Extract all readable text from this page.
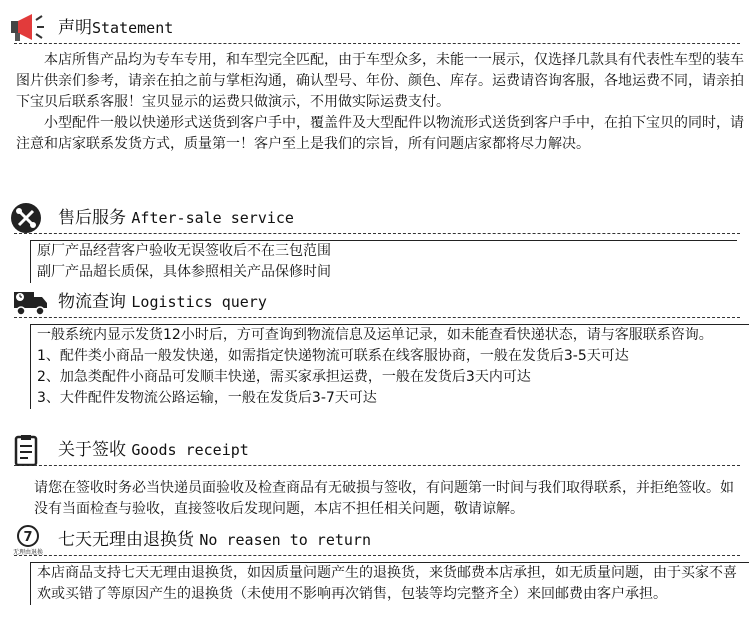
声明Statement

本店所售产品均为专车专用，和车型完全匹配，由于车型众多，未能一一展示，仅选择几款具有代表性车型的装车图片供亲们参考，请亲在拍之前与掌柜沟通，确认型号、年份、颜色、库存。运费请咨询客服，各地运费不同，请亲拍下宝贝后联系客服！宝贝显示的运费只做演示，不用做实际运费支付。

小型配件一般以快递形式送货到客户手中，覆盖件及大型配件以物流形式送货到客户手中，在拍下宝贝的同时，请注意和店家联系发货方式，质量第一！客户至上是我们的宗旨，所有问题店家都将尽力解决。

售后服务 After-sale service

原厂产品经营客户验收无误签收后不在三包范围

副厂产品超长质保，具体参照相关产品保修时间

物流查询 Logistics query

一般系统内显示发货12小时后，方可查询到物流信息及运单记录，如未能查看快递状态，请与客服联系咨询。

1、配件类小商品一般发快递，如需指定快递物流可联系在线客服协商，一般在发货后3-5天可达

2、加急类配件小商品可发顺丰快递，需买家承担运费，一般在发货后3天内可达

3、大件配件发物流公路运输，一般在发货后3-7天可达

关于签收 Goods receipt

请您在签收时务必当快递员面验收及检查商品有无破损与签收，有问题第一时间与我们取得联系，并拒绝签收。如没有当面检查与验收，直接签收后发现问题，本店不担任相关问题，敬请谅解。

7
无理由退换
七天无理由退换货 No reasen to return

本店商品支持七天无理由退换货，如因质量问题产生的退换货，来货邮费本店承担，如无质量问题，由于买家不喜欢或买错了等原因产生的退换货（未使用不影响再次销售，包装等均完整齐全）来回邮费由客户承担。
